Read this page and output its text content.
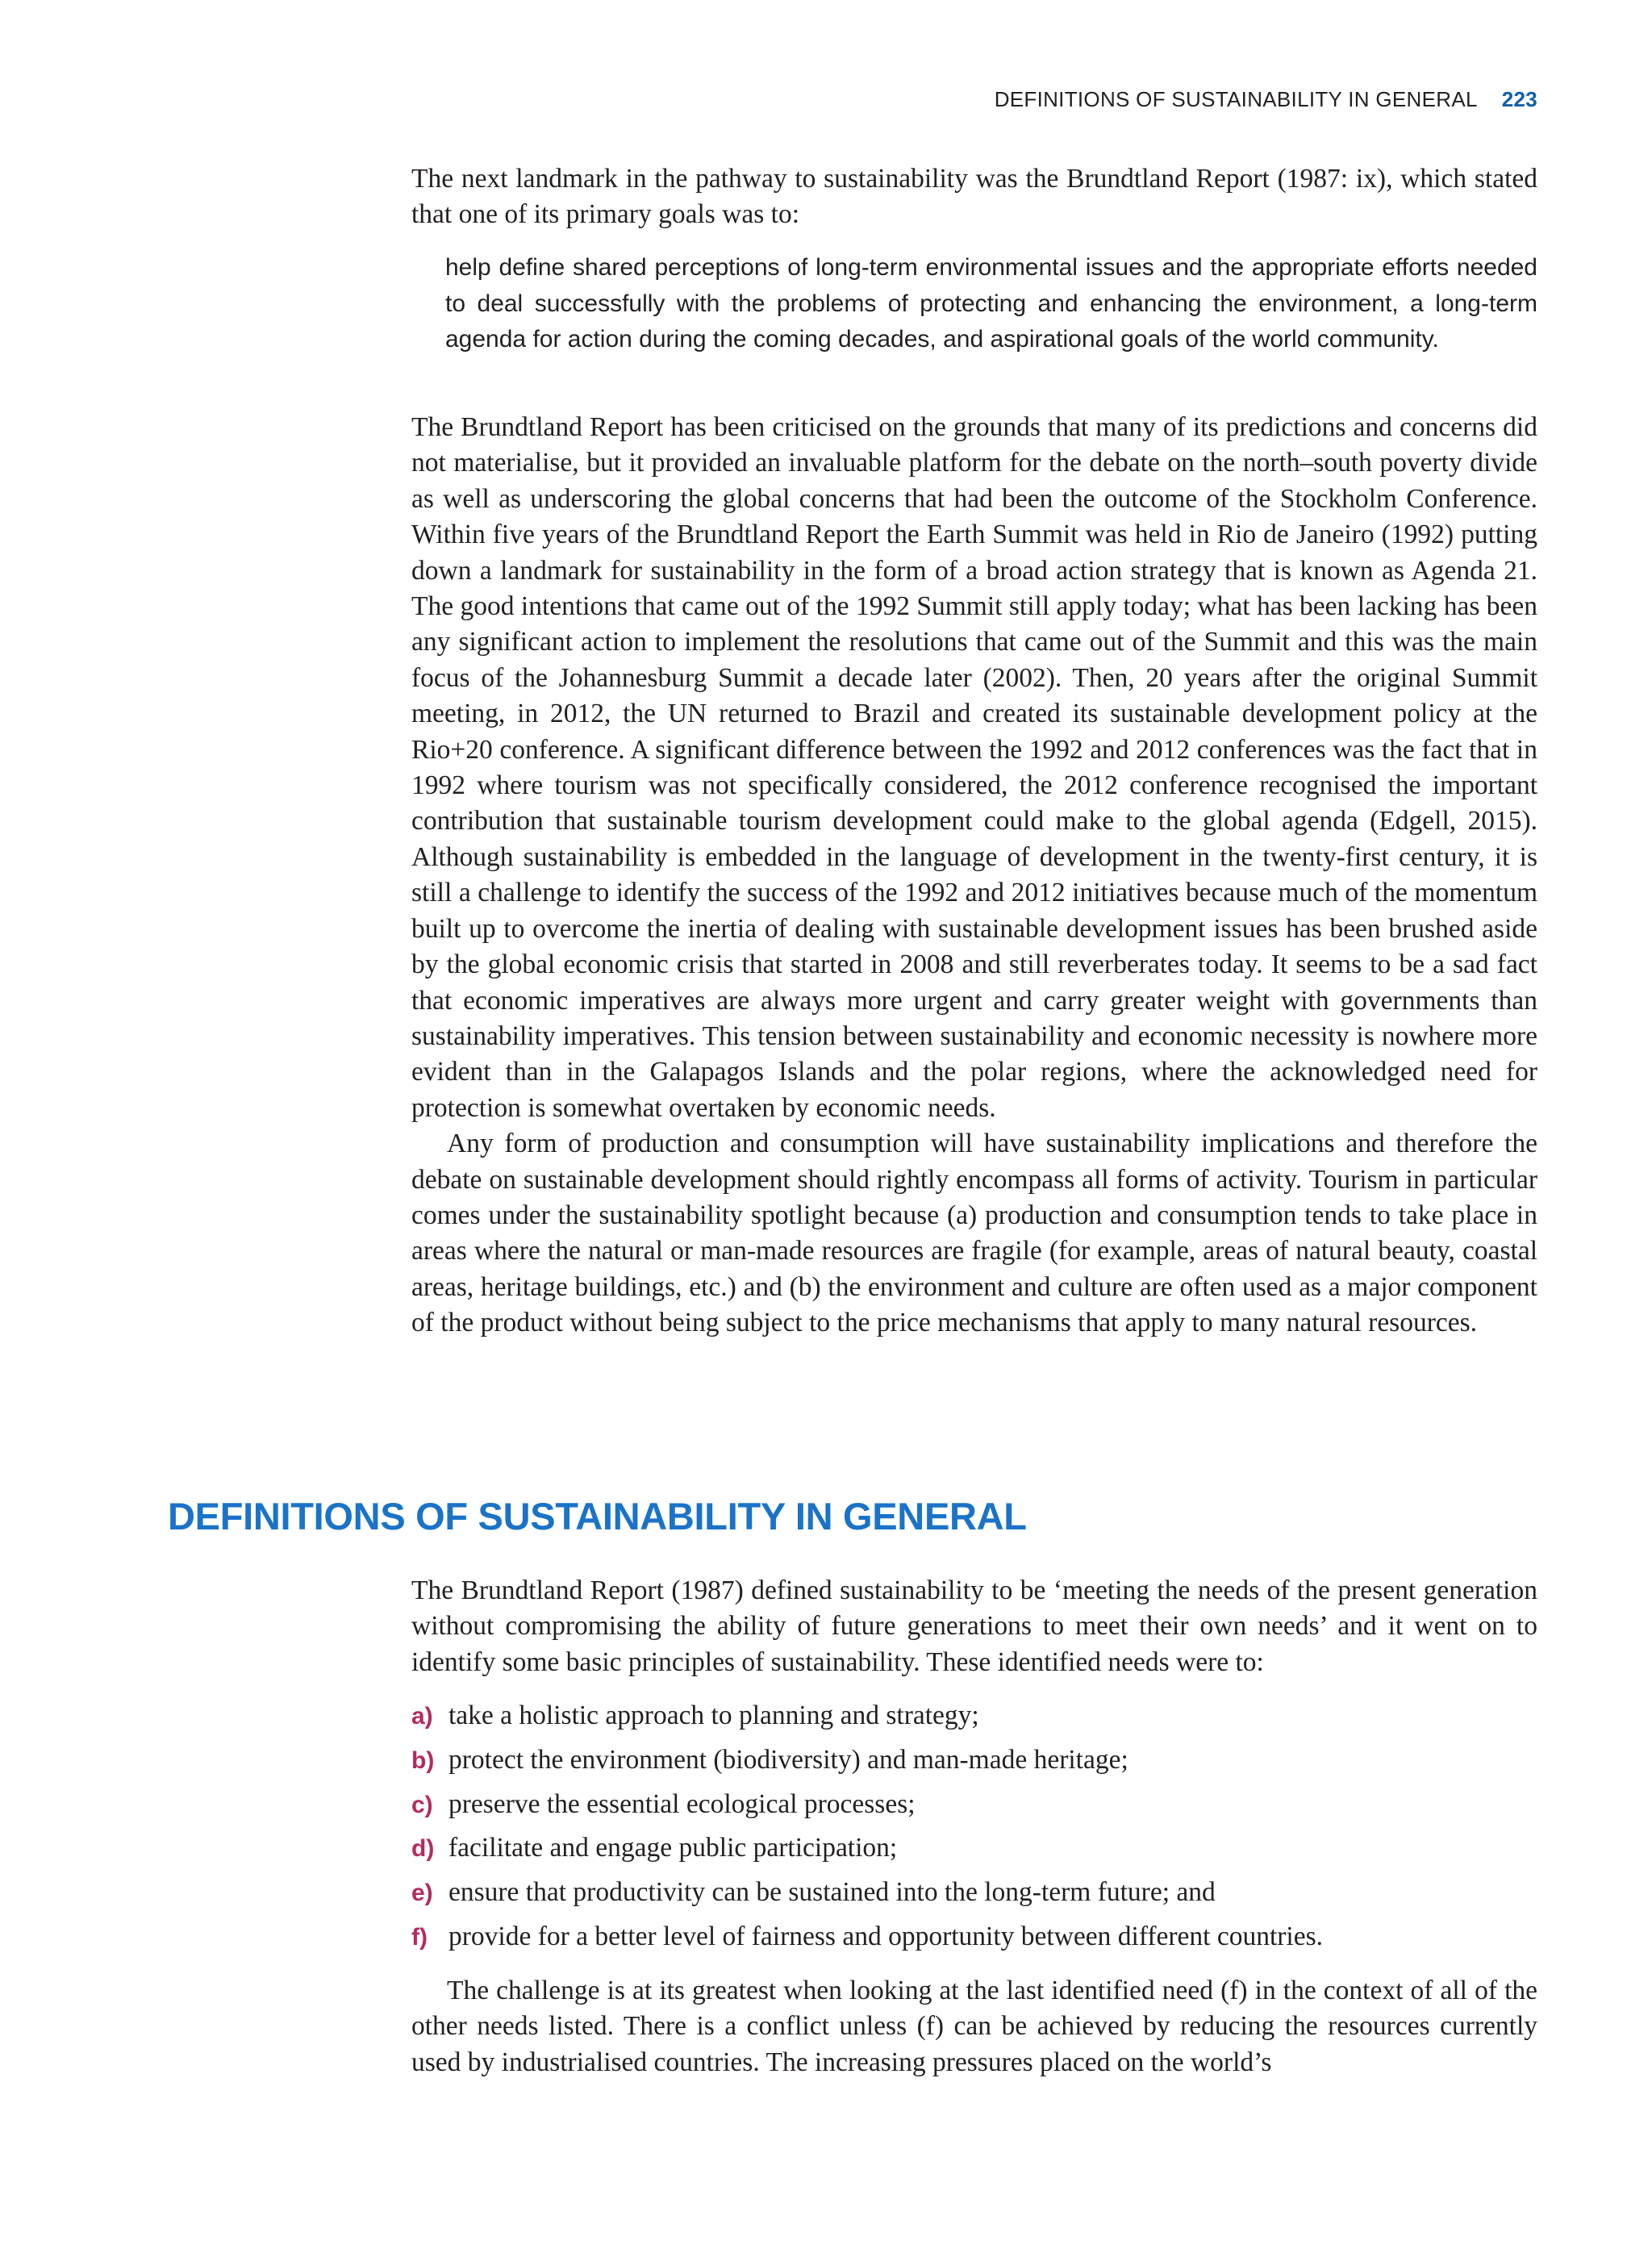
DEFINITIONS OF SUSTAINABILITY IN GENERAL 223

The next landmark in the pathway to sustainability was the Brundtland Report (1987: ix), which stated that one of its primary goals was to:

help define shared perceptions of long-term environmental issues and the appropriate efforts needed to deal successfully with the problems of protecting and enhancing the environment, a long-term agenda for action during the coming decades, and aspirational goals of the world community.

The Brundtland Report has been criticised on the grounds that many of its predictions and concerns did not materialise, but it provided an invaluable platform for the debate on the north–south poverty divide as well as underscoring the global concerns that had been the outcome of the Stockholm Conference. Within five years of the Brundtland Report the Earth Summit was held in Rio de Janeiro (1992) putting down a landmark for sustainability in the form of a broad action strategy that is known as Agenda 21. The good intentions that came out of the 1992 Summit still apply today; what has been lacking has been any significant action to implement the resolutions that came out of the Summit and this was the main focus of the Johannesburg Summit a decade later (2002). Then, 20 years after the original Summit meeting, in 2012, the UN returned to Brazil and created its sustainable development policy at the Rio+20 conference. A significant difference between the 1992 and 2012 conferences was the fact that in 1992 where tourism was not specifically considered, the 2012 conference recognised the important contribution that sustainable tourism development could make to the global agenda (Edgell, 2015). Although sustainability is embedded in the language of development in the twenty-first century, it is still a challenge to identify the success of the 1992 and 2012 initiatives because much of the momentum built up to overcome the inertia of dealing with sustainable development issues has been brushed aside by the global economic crisis that started in 2008 and still reverberates today. It seems to be a sad fact that economic imperatives are always more urgent and carry greater weight with governments than sustainability imperatives. This tension between sustainability and economic necessity is nowhere more evident than in the Galapagos Islands and the polar regions, where the acknowledged need for protection is somewhat overtaken by economic needs.

Any form of production and consumption will have sustainability implications and therefore the debate on sustainable development should rightly encompass all forms of activity. Tourism in particular comes under the sustainability spotlight because (a) production and consumption tends to take place in areas where the natural or man-made resources are fragile (for example, areas of natural beauty, coastal areas, heritage buildings, etc.) and (b) the environment and culture are often used as a major component of the product without being subject to the price mechanisms that apply to many natural resources.

DEFINITIONS OF SUSTAINABILITY IN GENERAL

The Brundtland Report (1987) defined sustainability to be ‘meeting the needs of the present generation without compromising the ability of future generations to meet their own needs’ and it went on to identify some basic principles of sustainability. These identified needs were to:

a) take a holistic approach to planning and strategy;
b) protect the environment (biodiversity) and man-made heritage;
c) preserve the essential ecological processes;
d) facilitate and engage public participation;
e) ensure that productivity can be sustained into the long-term future; and
f) provide for a better level of fairness and opportunity between different countries.

The challenge is at its greatest when looking at the last identified need (f) in the context of all of the other needs listed. There is a conflict unless (f) can be achieved by reducing the resources currently used by industrialised countries. The increasing pressures placed on the world’s
